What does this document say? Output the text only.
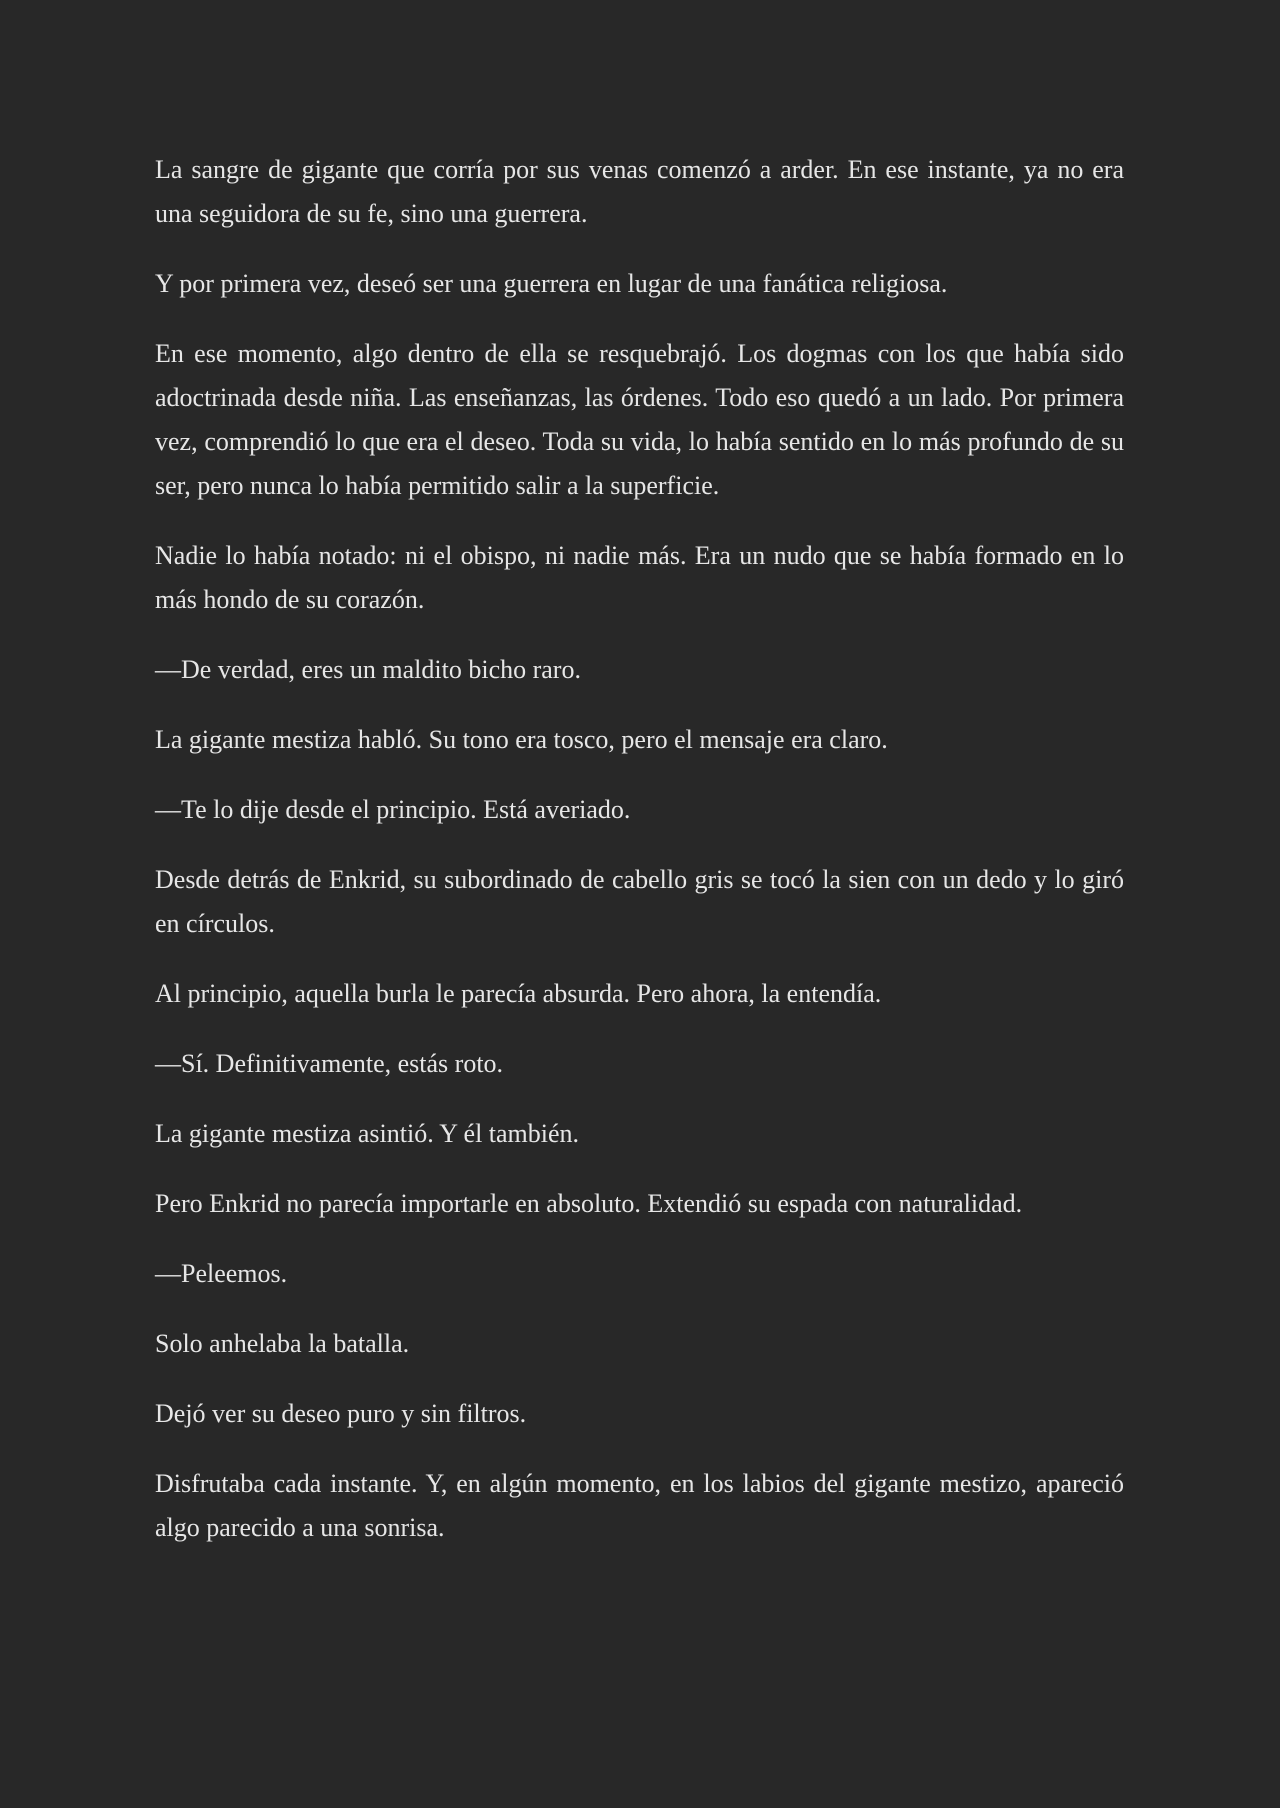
La sangre de gigante que corría por sus venas comenzó a arder. En ese instante, ya no era una seguidora de su fe, sino una guerrera.

Y por primera vez, deseó ser una guerrera en lugar de una fanática religiosa.

En ese momento, algo dentro de ella se resquebrajó. Los dogmas con los que había sido adoctrinada desde niña. Las enseñanzas, las órdenes. Todo eso quedó a un lado. Por primera vez, comprendió lo que era el deseo. Toda su vida, lo había sentido en lo más profundo de su ser, pero nunca lo había permitido salir a la superficie.

Nadie lo había notado: ni el obispo, ni nadie más. Era un nudo que se había formado en lo más hondo de su corazón.

—De verdad, eres un maldito bicho raro.

La gigante mestiza habló. Su tono era tosco, pero el mensaje era claro.

—Te lo dije desde el principio. Está averiado.

Desde detrás de Enkrid, su subordinado de cabello gris se tocó la sien con un dedo y lo giró en círculos.

Al principio, aquella burla le parecía absurda. Pero ahora, la entendía.

—Sí. Definitivamente, estás roto.

La gigante mestiza asintió. Y él también.

Pero Enkrid no parecía importarle en absoluto. Extendió su espada con naturalidad.

—Peleemos.

Solo anhelaba la batalla.

Dejó ver su deseo puro y sin filtros.

Disfrutaba cada instante. Y, en algún momento, en los labios del gigante mestizo, apareció algo parecido a una sonrisa.
